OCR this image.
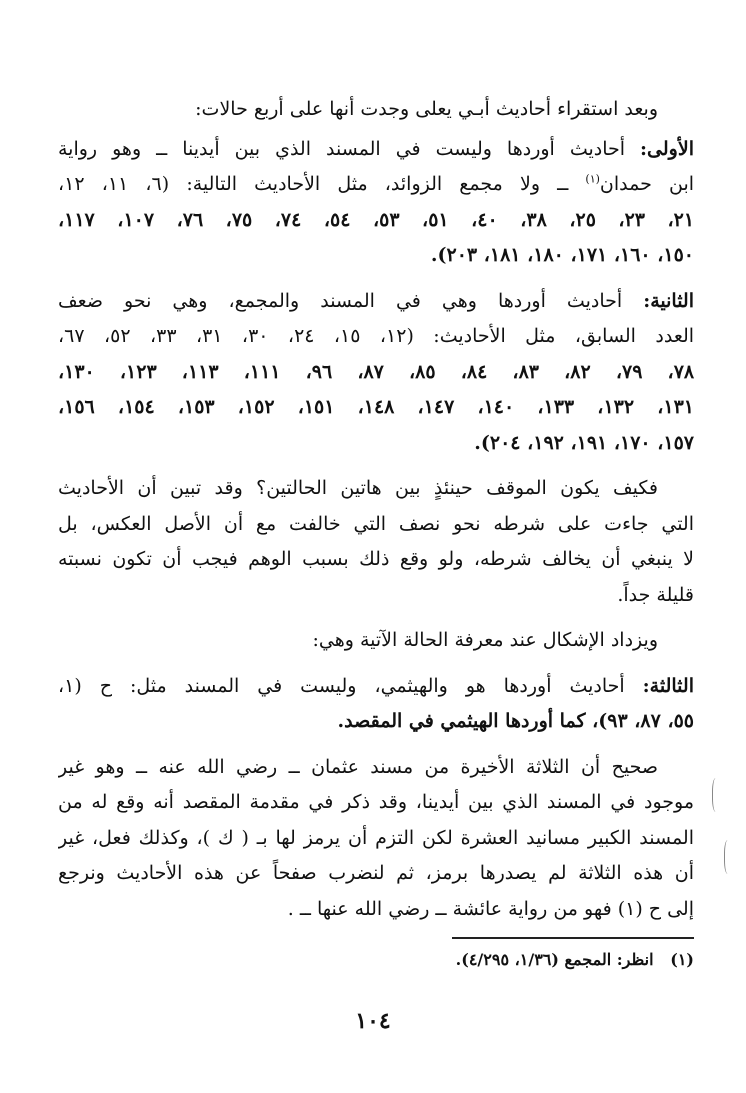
وبعد استقراء أحاديث أبـي يعلى وجدت أنها على أربع حالات:
الأولى: أحاديث أوردها وليست في المسند الذي بين أيدينا ــ وهو رواية
ابن حمدان$^{(١)}$ ــ ولا مجمع الزوائد، مثل الأحاديث التالية: (٦، ١١، ١٢،
٢١، ٢٣، ٢٥، ٣٨، ٤٠، ٥١، ٥٣، ٥٤، ٧٤، ٧٥، ٧٦، ١٠٧، ١١٧،
١٥٠، ١٦٠، ١٧١، ١٨٠، ١٨١، ٢٠٣).
الثانية: أحاديث أوردها وهي في المسند والمجمع، وهي نحو ضعف
العدد السابق، مثل الأحاديث: (١٢، ١٥، ٢٤، ٣٠، ٣١، ٣٣، ٥٢، ٦٧،
٧٨، ٧٩، ٨٢، ٨٣، ٨٤، ٨٥، ٨٧، ٩٦، ١١١، ١١٣، ١٢٣، ١٣٠،
١٣١، ١٣٢، ١٣٣، ١٤٠، ١٤٧، ١٤٨، ١٥١، ١٥٢، ١٥٣، ١٥٤، ١٥٦،
١٥٧، ١٧٠، ١٩١، ١٩٢، ٢٠٤).
فكيف يكون الموقف حينئذٍ بين هاتين الحالتين؟ وقد تبين أن الأحاديث
التي جاءت على شرطه نحو نصف التي خالفت مع أن الأصل العكس، بل
لا ينبغي أن يخالف شرطه، ولو وقع ذلك بسبب الوهم فيجب أن تكون نسبته
قليلة جداً.
ويزداد الإشكال عند معرفة الحالة الآتية وهي:
الثالثة: أحاديث أوردها هو والهيثمي، وليست في المسند مثل: ح (١،
٥٥، ٨٧، ٩٣)، كما أوردها الهيثمي في المقصد.
صحيح أن الثلاثة الأخيرة من مسند عثمان ــ رضي الله عنه ــ وهو غير
موجود في المسند الذي بين أيدينا، وقد ذكر في مقدمة المقصد أنه وقع له من
المسند الكبير مسانيد العشرة لكن التزم أن يرمز لها بـ ( ك )، وكذلك فعل، غير
أن هذه الثلاثة لم يصدرها برمز، ثم لنضرب صفحاً عن هذه الأحاديث ونرجع
إلى ح (١) فهو من رواية عائشة ــ رضي الله عنها ــ .
(١)   انظر: المجمع (١/٣٦، ٤/٢٩٥).
١٠٤
